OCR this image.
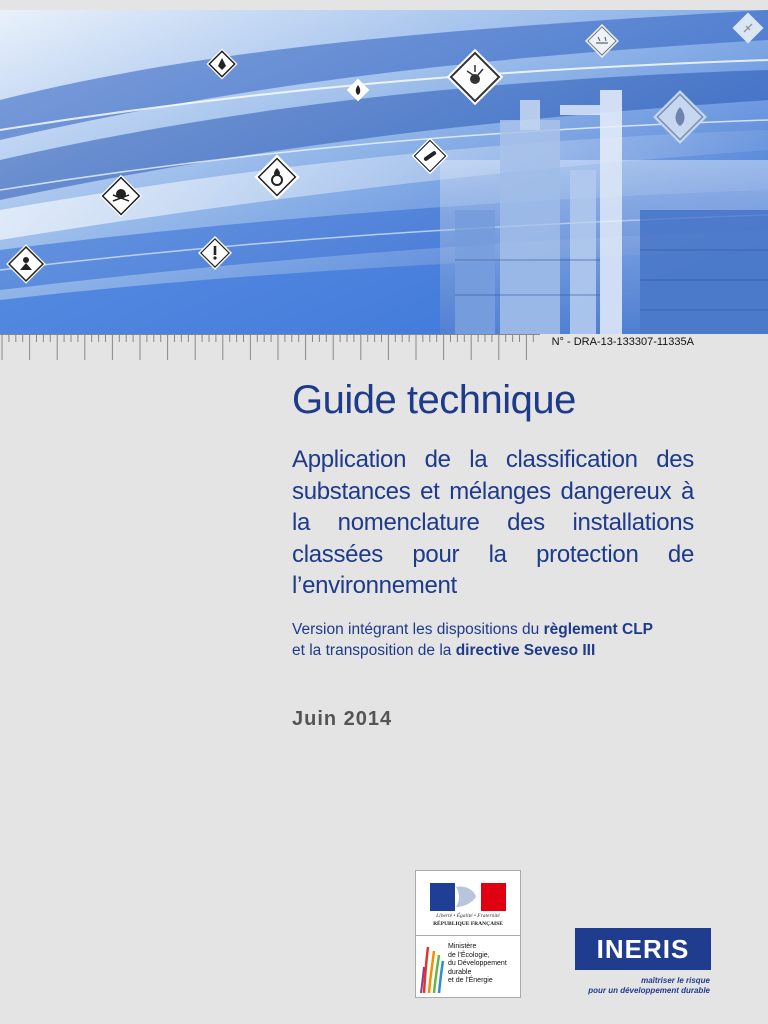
N° - DRA-13-133307-11335A
Guide technique

Application de la classification des substances et mélanges dangereux à la nomenclature des installations classées pour la protection de l’environnement

Version intégrant les dispositions du règlement CLP
et la transposition de la directive Seveso III

Juin 2014
Liberté • Égalité • Fraternité
RÉPUBLIQUE FRANÇAISE
Ministère
de l’Écologie,
du Développement
durable
et de l’Énergie
INERIS
maîtriser le risque
pour un développement durable
